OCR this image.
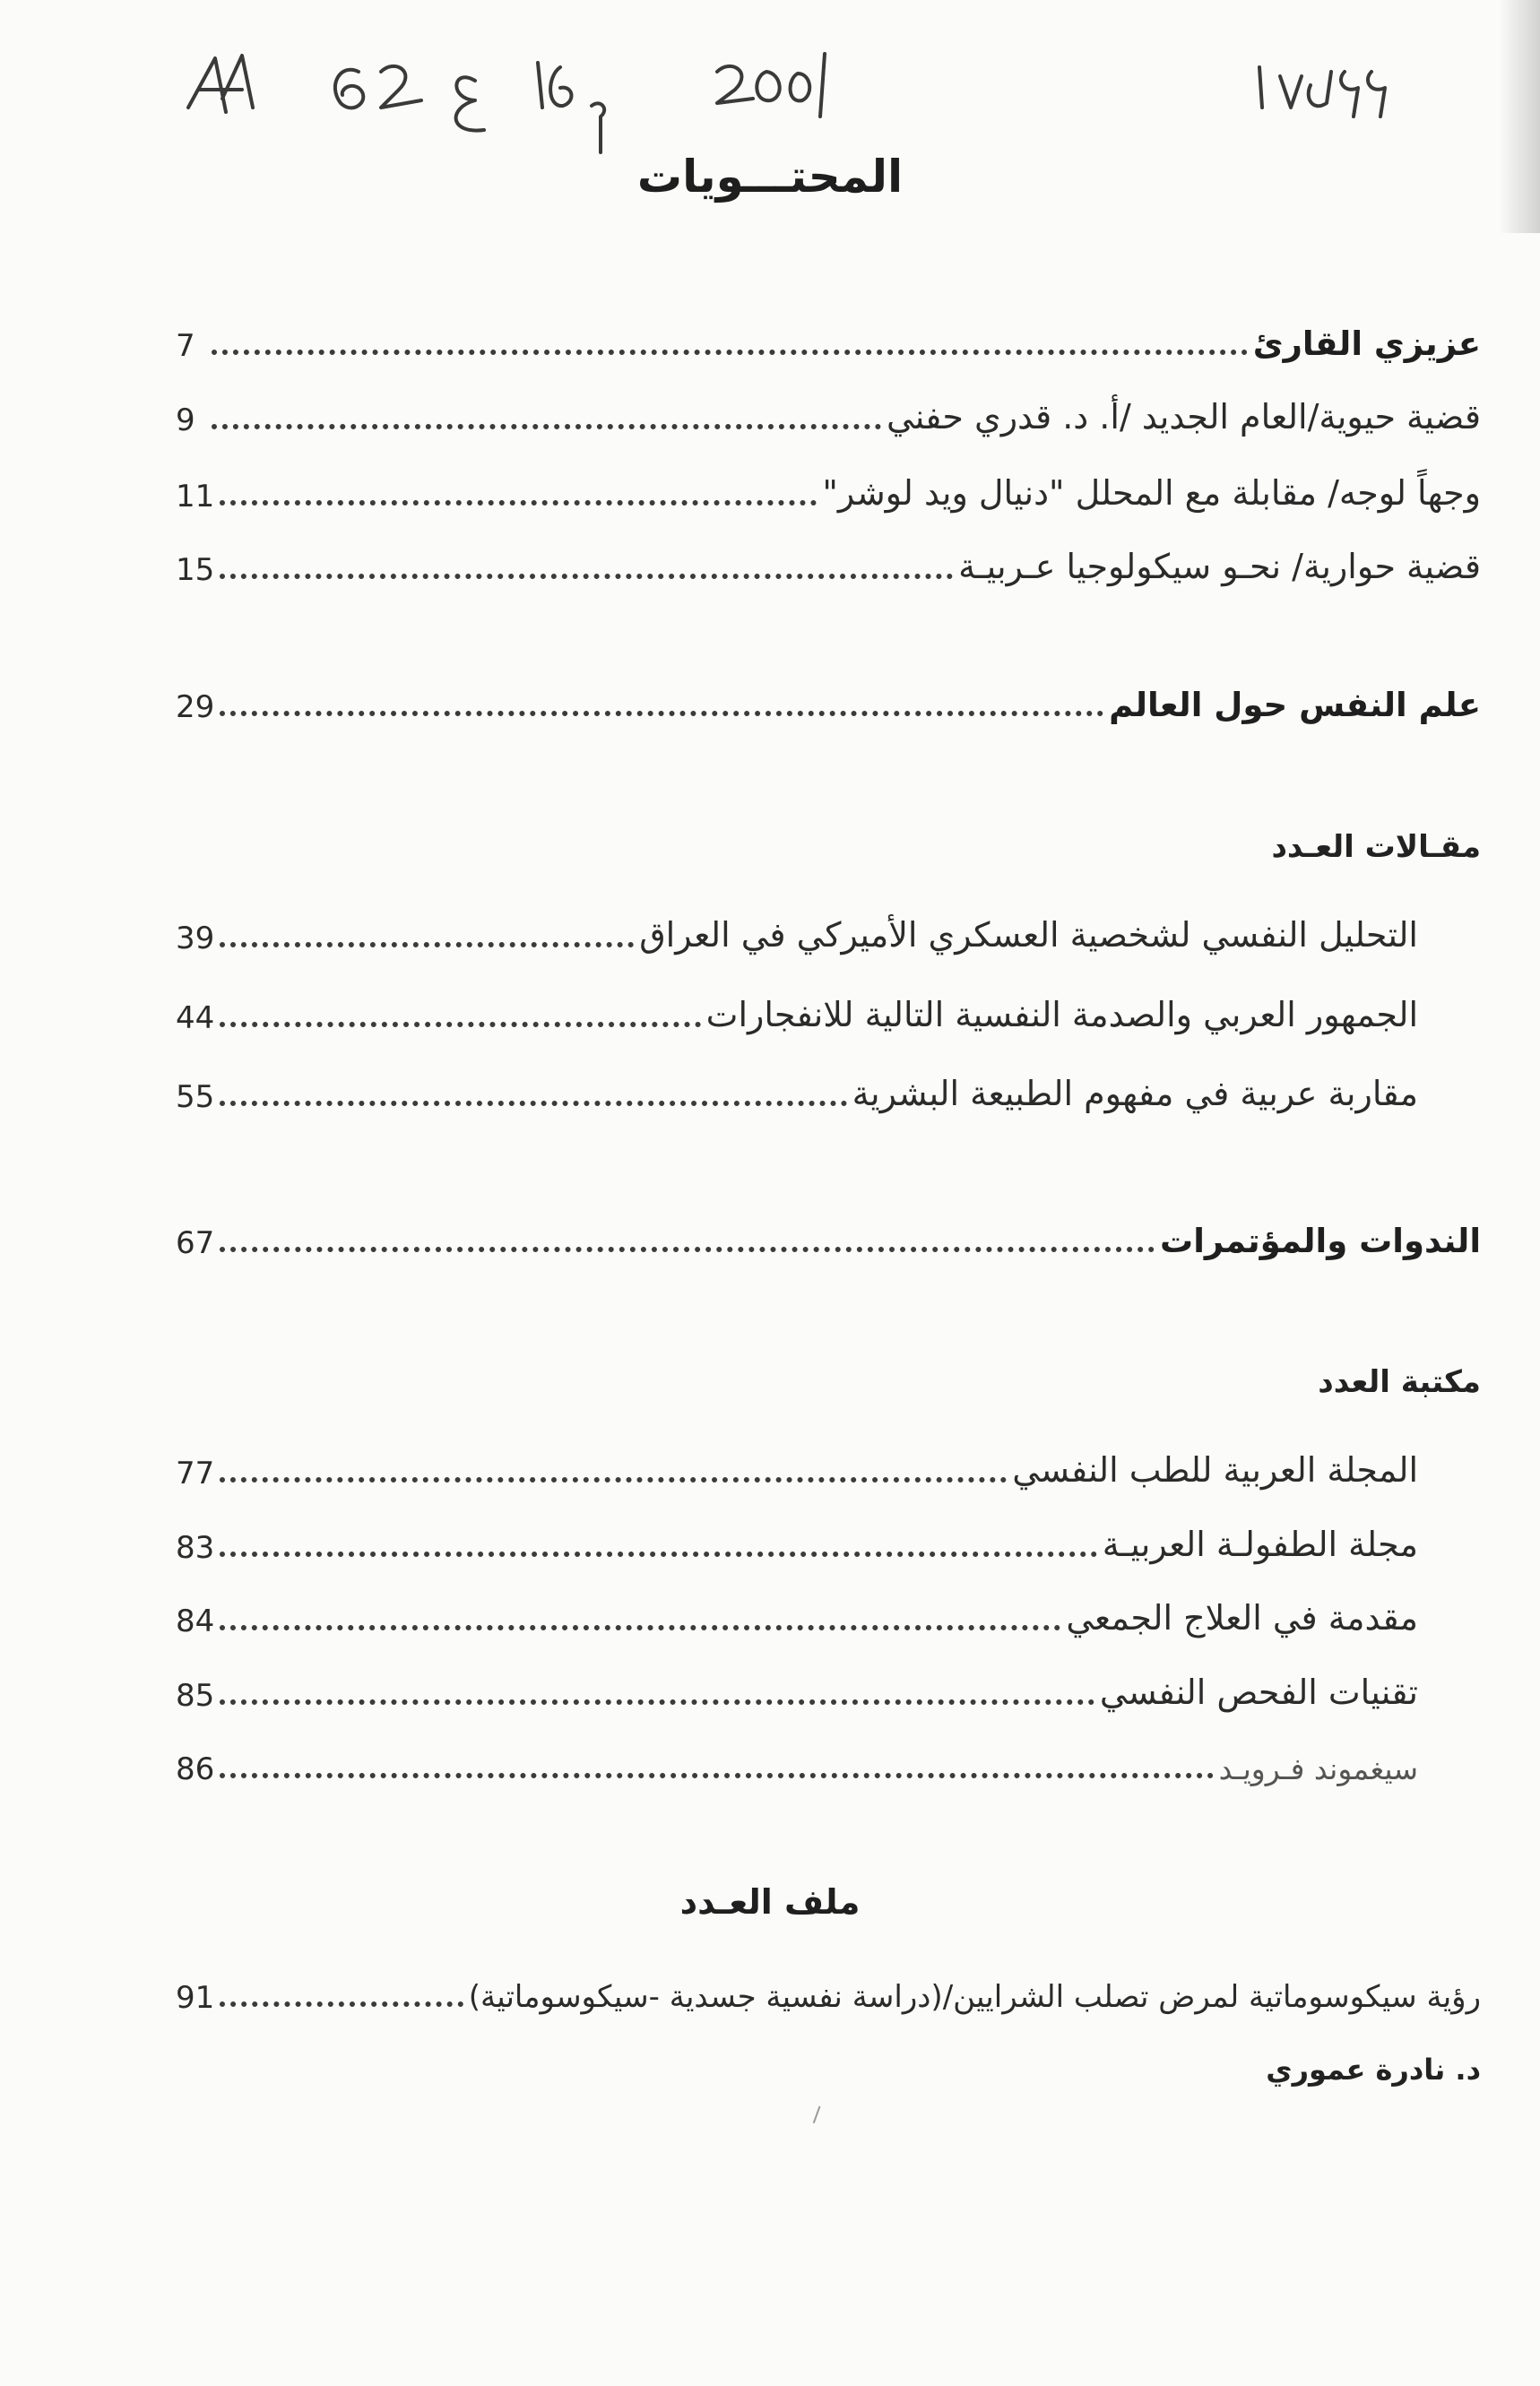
المحتـــويات
عزيزي القارئ
7
قضية حيوية/العام الجديد /أ. د. قدري حفني
9
وجهاً لوجه/ مقابلة مع المحلل "دنيال ويد لوشر"
11
قضية حوارية/ نحـو سيكولوجيا عـربيـة
15
علم النفس حول العالم
29
مقـالات العـدد
التحليل النفسي لشخصية العسكري الأميركي في العراق
39
الجمهور العربي والصدمة النفسية التالية للانفجارات
44
مقاربة عربية في مفهوم الطبيعة البشرية
55
الندوات والمؤتمرات
67
مكتبة العدد
المجلة العربية للطب النفسي
77
مجلة الطفولـة العربيـة
83
مقدمة في العلاج الجمعي
84
تقنيات الفحص النفسي
85
سيغموند فـرويـد
86
ملف العـدد
رؤية سيكوسوماتية لمرض تصلب الشرايين/(دراسة نفسية جسدية -سيكوسوماتية)
91
د. نادرة عموري
